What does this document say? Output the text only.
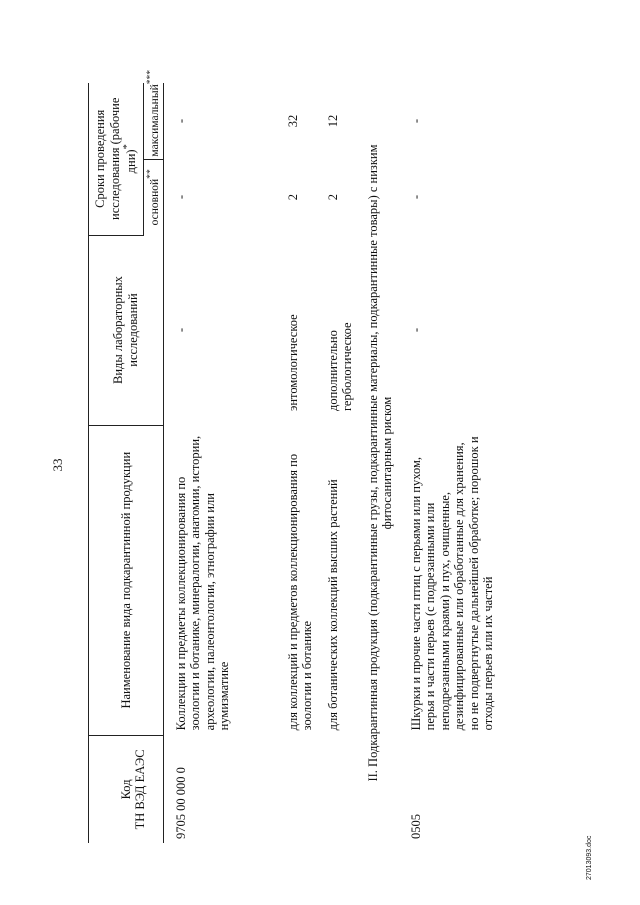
33

Код
ТН ВЭД ЕАЭС	Наименование вида подкарантинной продукции	Виды лабораторных исследований	Сроки проведения исследования (рабочие дни)*
			основной**	максимальный***
9705 00 000 0	Коллекции и предметы коллекционирования по зоологии и ботанике, минералогии, анатомии, истории, археологии, палеонтологии, этнографии или нумизматике	-	-	-
	для коллекций и предметов коллекционирования по зоологии и ботанике	энтомологическое	2	32
	для ботанических коллекций высших растений	дополнительно гербологическое	2	12
II. Подкарантинная продукция (подкарантинные грузы, подкарантинные материалы, подкарантинные товары) с низким фитосанитарным риском				
0505	Шкурки и прочие части птиц с перьями или пухом, перья и части перьев (с подрезанными или неподрезанными краями) и пух, очищенные, дезинфицированные или обработанные для хранения, но не подвергнутые дальнейшей обработке; порошок и отходы перьев или их частей	-	-	-
27013093.doc
